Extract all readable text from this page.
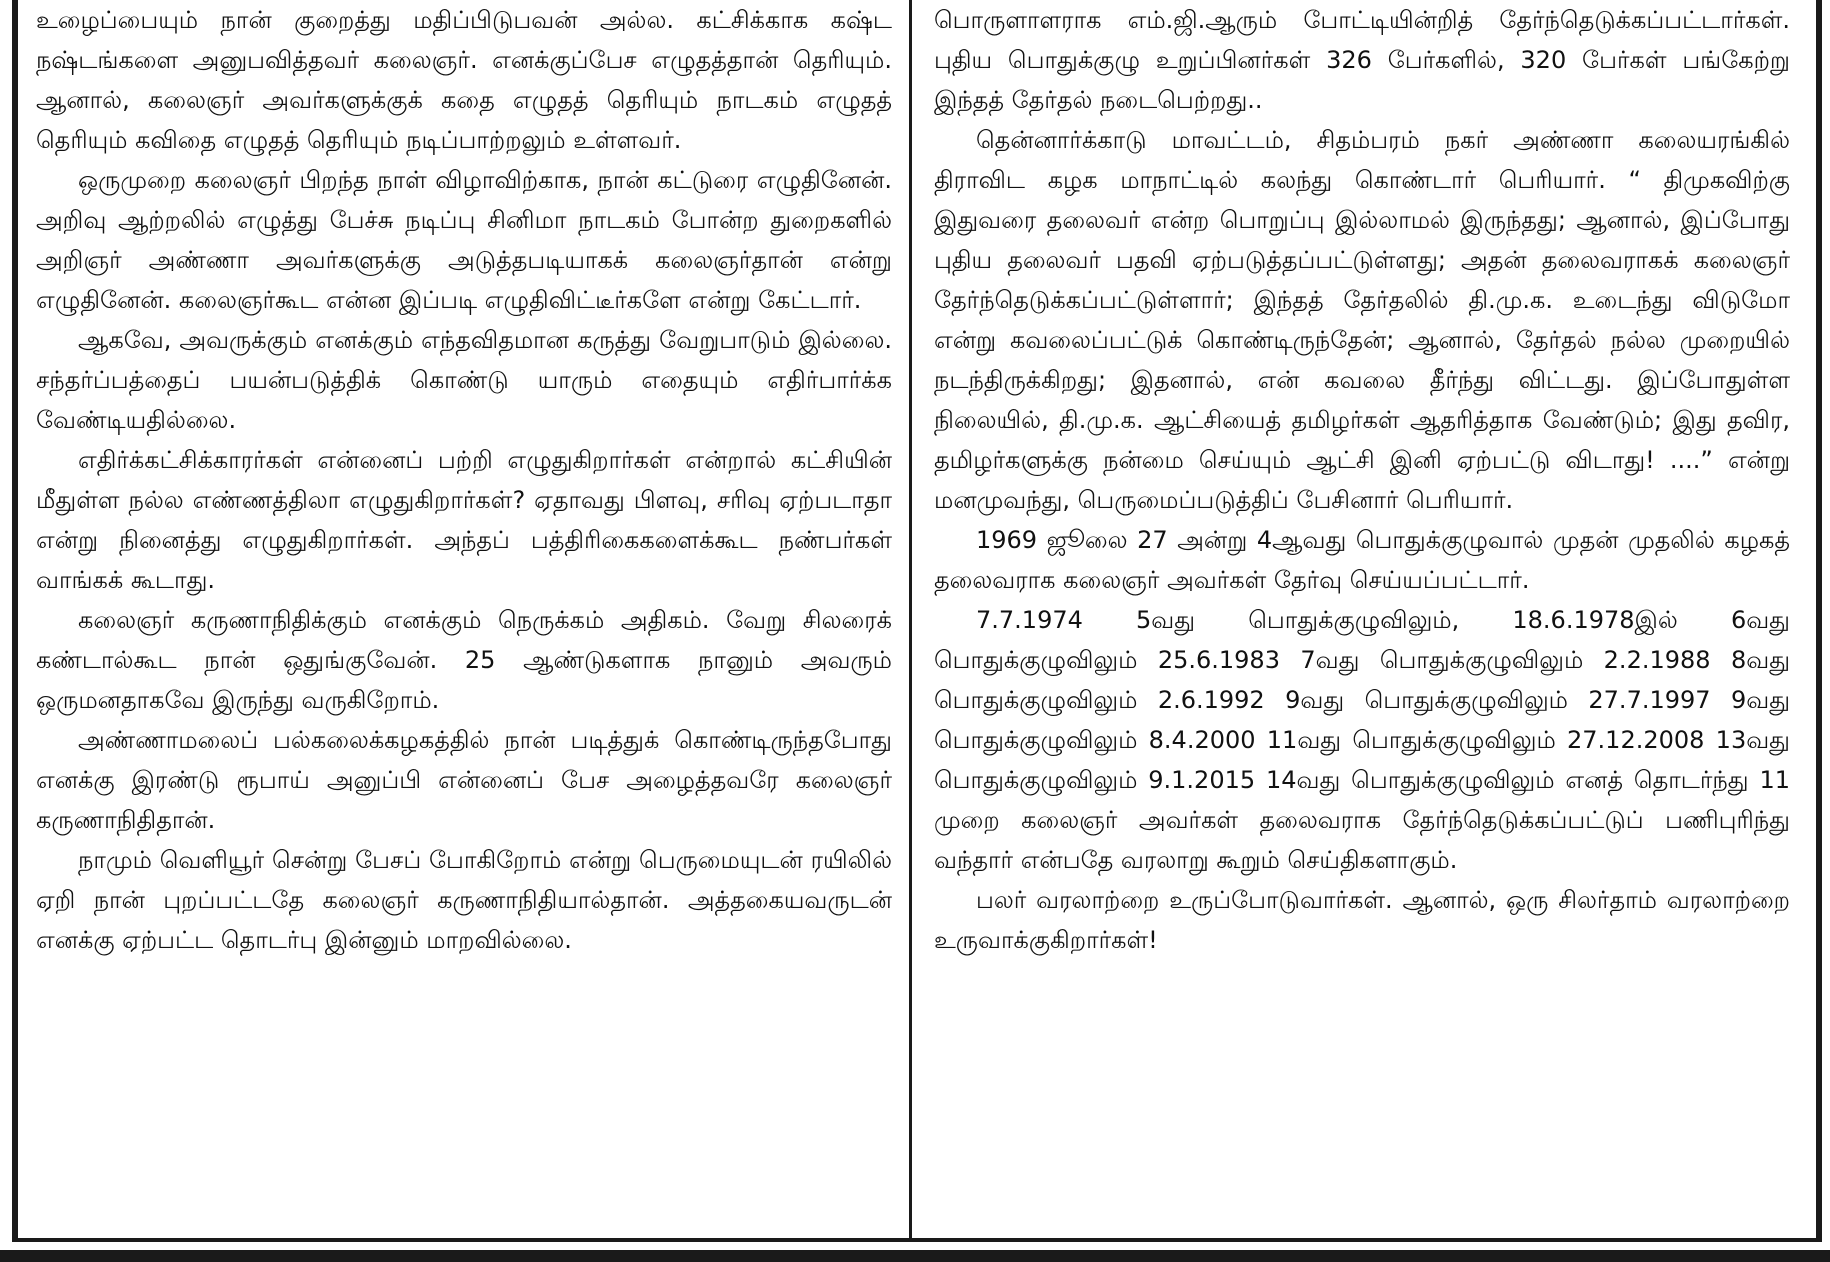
உழைப்பையும் நான் குறைத்து மதிப்பிடுபவன் அல்ல. கட்சிக்காக கஷ்ட நஷ்டங்களை அனுபவித்தவர் கலைஞர். எனக்குப்பேச எழுதத்தான் தெரியும். ஆனால், கலைஞர் அவர்களுக்குக் கதை எழுதத் தெரியும் நாடகம் எழுதத் தெரியும் கவிதை எழுதத் தெரியும் நடிப்பாற்றலும் உள்ளவர்.

ஒருமுறை கலைஞர் பிறந்த நாள் விழாவிற்காக, நான் கட்டுரை எழுதினேன். அறிவு ஆற்றலில் எழுத்து பேச்சு நடிப்பு சினிமா நாடகம் போன்ற துறைகளில் அறிஞர் அண்ணா அவர்களுக்கு அடுத்தபடியாகக் கலைஞர்தான் என்று எழுதினேன். கலைஞர்கூட என்ன இப்படி எழுதிவிட்டீர்களே என்று கேட்டார்.

ஆகவே, அவருக்கும் எனக்கும் எந்தவிதமான கருத்து வேறுபாடும் இல்லை. சந்தர்ப்பத்தைப் பயன்படுத்திக் கொண்டு யாரும் எதையும் எதிர்பார்க்க வேண்டியதில்லை.

எதிர்க்கட்சிக்காரர்கள் என்னைப் பற்றி எழுதுகிறார்கள் என்றால் கட்சியின் மீதுள்ள நல்ல எண்ணத்திலா எழுதுகிறார்கள்? ஏதாவது பிளவு, சரிவு ஏற்படாதா என்று நினைத்து எழுதுகிறார்கள். அந்தப் பத்திரிகைகளைக்கூட நண்பர்கள் வாங்கக் கூடாது.

கலைஞர் கருணாநிதிக்கும் எனக்கும் நெருக்கம் அதிகம். வேறு சிலரைக் கண்டால்கூட நான் ஒதுங்குவேன். 25 ஆண்டுகளாக நானும் அவரும் ஒருமனதாகவே இருந்து வருகிறோம்.

அண்ணாமலைப் பல்கலைக்கழகத்தில் நான் படித்துக் கொண்டிருந்தபோது எனக்கு இரண்டு ரூபாய் அனுப்பி என்னைப் பேச அழைத்தவரே கலைஞர் கருணாநிதிதான்.

நாமும் வெளியூர் சென்று பேசப் போகிறோம் என்று பெருமையுடன் ரயிலில் ஏறி நான் புறப்பட்டதே கலைஞர் கருணாநிதியால்தான். அத்தகையவருடன் எனக்கு ஏற்பட்ட தொடர்பு இன்னும் மாறவில்லை.

பொருளாளராக எம்.ஜி.ஆரும் போட்டியின்றித் தேர்ந்தெடுக்கப்பட்டார்கள். புதிய பொதுக்குழு உறுப்பினர்கள் 326 பேர்களில், 320 பேர்கள் பங்கேற்று இந்தத் தேர்தல் நடைபெற்றது..

தென்னார்க்காடு மாவட்டம், சிதம்பரம் நகர் அண்ணா கலையரங்கில் திராவிட கழக மாநாட்டில் கலந்து கொண்டார் பெரியார். “ திமுகவிற்கு இதுவரை தலைவர் என்ற பொறுப்பு இல்லாமல் இருந்தது; ஆனால், இப்போது புதிய தலைவர் பதவி ஏற்படுத்தப்பட்டுள்ளது; அதன் தலைவராகக் கலைஞர் தேர்ந்தெடுக்கப்பட்டுள்ளார்; இந்தத் தேர்தலில் தி.மு.க. உடைந்து விடுமோ என்று கவலைப்பட்டுக் கொண்டிருந்தேன்; ஆனால், தேர்தல் நல்ல முறையில் நடந்திருக்கிறது; இதனால், என் கவலை தீர்ந்து விட்டது. இப்போதுள்ள நிலையில், தி.மு.க. ஆட்சியைத் தமிழர்கள் ஆதரித்தாக வேண்டும்; இது தவிர, தமிழர்களுக்கு நன்மை செய்யும் ஆட்சி இனி ஏற்பட்டு விடாது! ....” என்று மனமுவந்து, பெருமைப்படுத்திப் பேசினார் பெரியார்.

1969 ஜூலை 27 அன்று 4ஆவது பொதுக்குழுவால் முதன் முதலில் கழகத் தலைவராக கலைஞர் அவர்கள் தேர்வு செய்யப்பட்டார்.

7.7.1974 5வது பொதுக்குழுவிலும், 18.6.1978இல் 6வது பொதுக்குழுவிலும் 25.6.1983 7வது பொதுக்குழுவிலும் 2.2.1988 8வது பொதுக்குழுவிலும் 2.6.1992 9வது பொதுக்குழுவிலும் 27.7.1997 9வது பொதுக்குழுவிலும் 8.4.2000 11வது பொதுக்குழுவிலும் 27.12.2008 13வது பொதுக்குழுவிலும் 9.1.2015 14வது பொதுக்குழுவிலும் எனத் தொடர்ந்து 11 முறை கலைஞர் அவர்கள் தலைவராக தேர்ந்தெடுக்கப்பட்டுப் பணிபுரிந்து வந்தார் என்பதே வரலாறு கூறும் செய்திகளாகும்.

பலர் வரலாற்றை உருப்போடுவார்கள். ஆனால், ஒரு சிலர்தாம் வரலாற்றை உருவாக்குகிறார்கள்!
